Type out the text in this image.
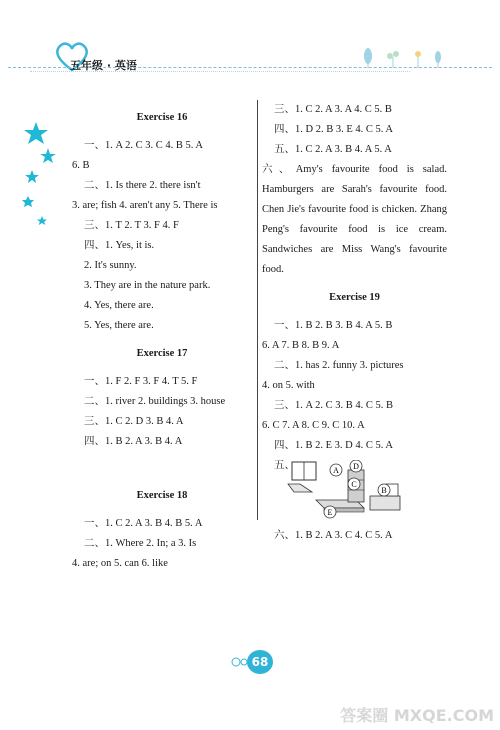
五年级 · 英语
Exercise 16
一、1. A 2. C 3. C 4. B 5. A
6. B
二、1. Is there 2. there isn't
3. are; fish 4. aren't any 5. There is
三、1. T 2. T 3. F 4. F
四、1. Yes, it is.
2. It's sunny.
3. They are in the nature park.
4. Yes, there are.
5. Yes, there are.
Exercise 17
一、1. F 2. F 3. F 4. T 5. F
二、1. river 2. buildings 3. house
三、1. C 2. D 3. B 4. A
四、1. B 2. A 3. B 4. A
Exercise 18
一、1. C 2. A 3. B 4. B 5. A
二、1. Where 2. In; a 3. Is
4. are; on 5. can 6. like
三、1. C 2. A 3. A 4. C 5. B
四、1. D 2. B 3. E 4. C 5. A
五、1. C 2. A 3. B 4. A 5. A
六、Amy's favourite food is salad. Hamburgers are Sarah's favourite food. Chen Jie's favourite food is chicken. Zhang Peng's favourite food is ice cream. Sandwiches are Miss Wang's favourite food.
Exercise 19
一、1. B 2. B 3. B 4. A 5. B
6. A 7. B 8. B 9. A
二、1. has 2. funny 3. pictures
4. on 5. with
三、1. A 2. C 3. B 4. C 5. B
6. C 7. A 8. C 9. C 10. A
四、1. B 2. E 3. D 4. C 5. A
五、	A D
C
B
E
六、1. B 2. A 3. C 4. C 5. A
68
答案圈 MXQE.COM
